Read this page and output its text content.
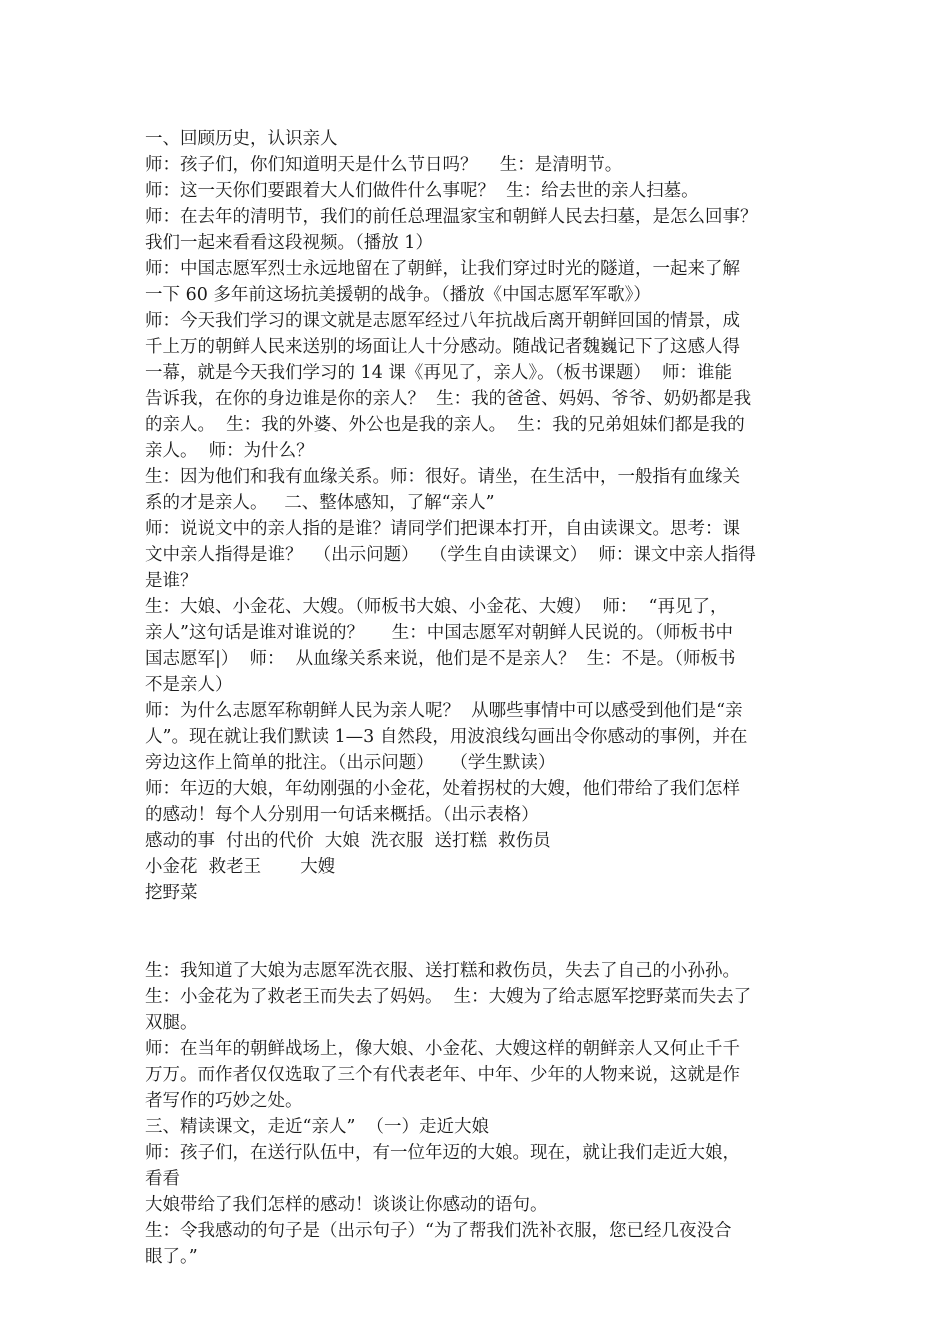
一、回顾历史，认识亲人

师：孩子们，你们知道明天是什么节日吗？    生：是清明节。

师：这一天你们要跟着大人们做件什么事呢？  生：给去世的亲人扫墓。

师：在去年的清明节，我们的前任总理温家宝和朝鲜人民去扫墓，是怎么回事？
我们一起来看看这段视频。（播放 1）

师：中国志愿军烈士永远地留在了朝鲜，让我们穿过时光的隧道，一起来了解
一下 60 多年前这场抗美援朝的战争。（播放《中国志愿军军歌》）

师：今天我们学习的课文就是志愿军经过八年抗战后离开朝鲜回国的情景，成
千上万的朝鲜人民来送别的场面让人十分感动。随战记者魏巍记下了这感人得
一幕，就是今天我们学习的 14 课《再见了，亲人》。（板书课题）  师：谁能
告诉我，在你的身边谁是你的亲人？  生：我的爸爸、妈妈、爷爷、奶奶都是我
的亲人。  生：我的外婆、外公也是我的亲人。  生：我的兄弟姐妹们都是我的
亲人。  师：为什么？

生：因为他们和我有血缘关系。师：很好。请坐，在生活中，一般指有血缘关
系的才是亲人。   二、整体感知，了解“亲人”

师：说说文中的亲人指的是谁？请同学们把课本打开，自由读课文。思考：课
文中亲人指得是谁？  （出示问题）  （学生自由读课文）  师：课文中亲人指得
是谁？

生：大娘、小金花、大嫂。（师板书大娘、小金花、大嫂）  师：  “再见了，
亲人”这句话是谁对谁说的？     生：中国志愿军对朝鲜人民说的。（师板书中
国志愿军|）  师：  从血缘关系来说，他们是不是亲人？  生：不是。（师板书
不是亲人）

师：为什么志愿军称朝鲜人民为亲人呢？  从哪些事情中可以感受到他们是“亲
人”。现在就让我们默读 1—3 自然段，用波浪线勾画出令你感动的事例，并在
旁边这作上简单的批注。（出示问题）   （学生默读）

师：年迈的大娘，年幼刚强的小金花，处着拐杖的大嫂，他们带给了我们怎样
的感动！每个人分别用一句话来概括。（出示表格）

感动的事  付出的代价  大娘  洗衣服  送打糕  救伤员

小金花  救老王       大嫂

挖野菜

生：我知道了大娘为志愿军洗衣服、送打糕和救伤员，失去了自己的小孙孙。

生：小金花为了救老王而失去了妈妈。  生：大嫂为了给志愿军挖野菜而失去了
双腿。

师：在当年的朝鲜战场上，像大娘、小金花、大嫂这样的朝鲜亲人又何止千千
万万。而作者仅仅选取了三个有代表老年、中年、少年的人物来说，这就是作
者写作的巧妙之处。

三、精读课文，走近“亲人”  （一）走近大娘

师：孩子们，在送行队伍中，有一位年迈的大娘。现在，就让我们走近大娘，
看看

大娘带给了我们怎样的感动！谈谈让你感动的语句。

生：令我感动的句子是（出示句子）“为了帮我们洗补衣服，您已经几夜没合
眼了。”
